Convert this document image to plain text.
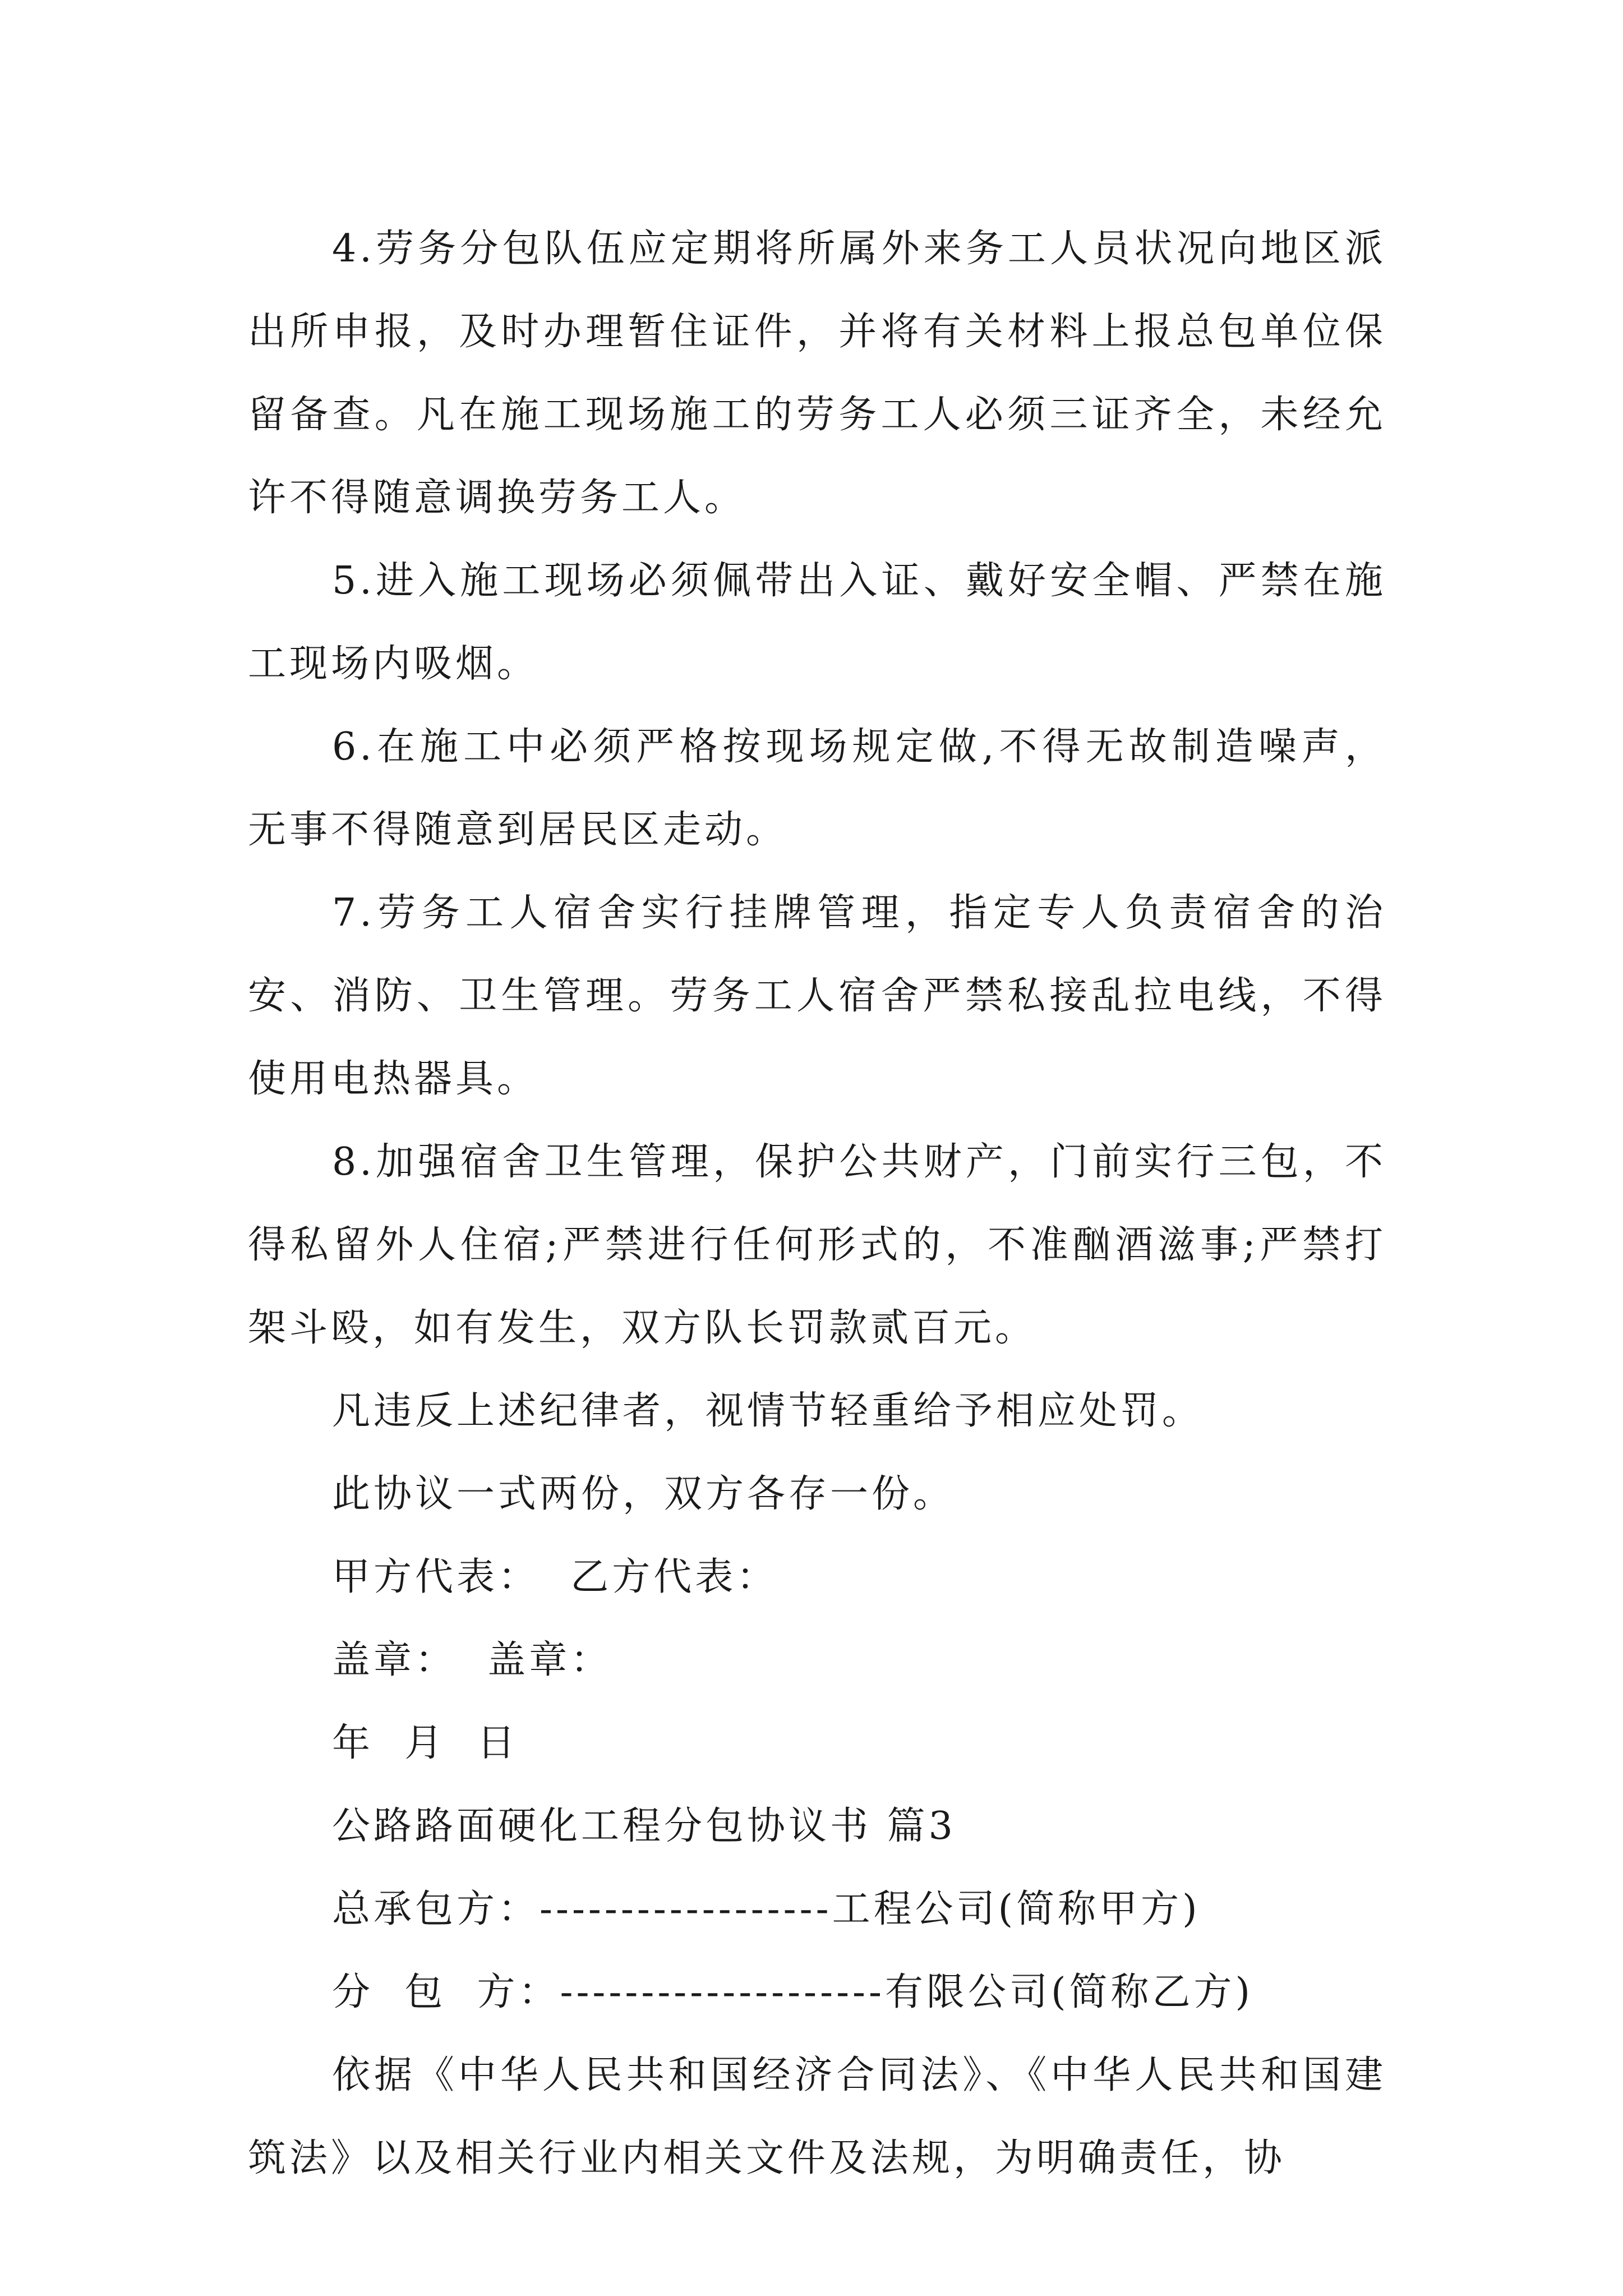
4.劳务分包队伍应定期将所属外来务工人员状况向地区派出所申报，及时办理暂住证件，并将有关材料上报总包单位保留备查。凡在施工现场施工的劳务工人必须三证齐全，未经允许不得随意调换劳务工人。

5.进入施工现场必须佩带出入证、戴好安全帽、严禁在施工现场内吸烟。

6.在施工中必须严格按现场规定做,不得无故制造噪声，无事不得随意到居民区走动。

7.劳务工人宿舍实行挂牌管理，指定专人负责宿舍的治安、消防、卫生管理。劳务工人宿舍严禁私接乱拉电线，不得使用电热器具。

8.加强宿舍卫生管理，保护公共财产，门前实行三包，不得私留外人住宿;严禁进行任何形式的，不准酗酒滋事;严禁打架斗殴，如有发生，双方队长罚款贰百元。

凡违反上述纪律者，视情节轻重给予相应处罚。

此协议一式两份，双方各存一份。

甲方代表：  乙方代表：

盖章：  盖章：

年  月  日

公路路面硬化工程分包协议书 篇3

总承包方：------------------工程公司(简称甲方)

分  包  方：--------------------有限公司(简称乙方)

依据《中华人民共和国经济合同法》、《中华人民共和国建筑法》以及相关行业内相关文件及法规，为明确责任，协
